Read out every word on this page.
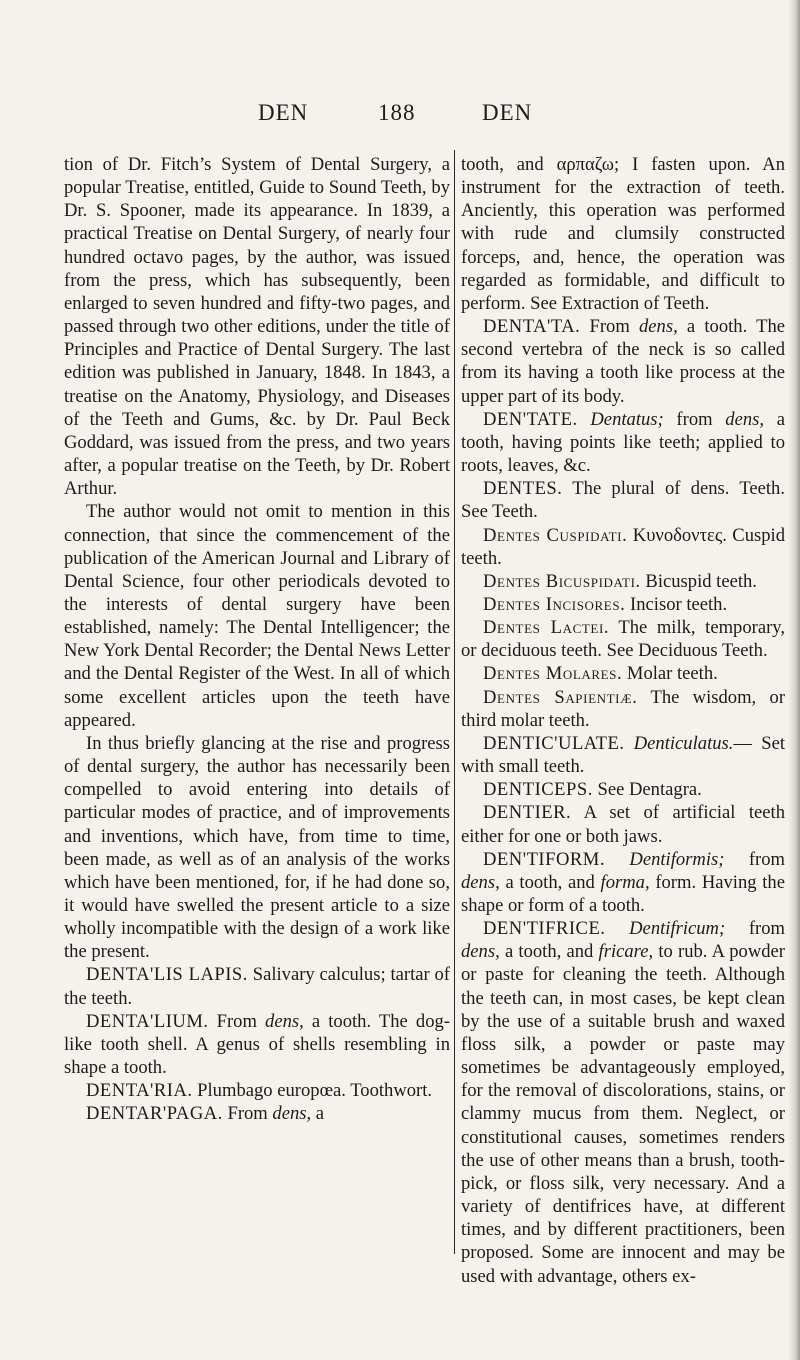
DEN	188	DEN

tion of Dr. Fitch’s System of Dental Surgery, a popular Treatise, entitled, Guide to Sound Teeth, by Dr. S. Spooner, made its appearance. In 1839, a practical Treatise on Dental Surgery, of nearly four hundred octavo pages, by the author, was issued from the press, which has subsequently, been enlarged to seven hundred and fifty-two pages, and passed through two other editions, under the title of Principles and Practice of Dental Surgery. The last edition was published in January, 1848. In 1843, a treatise on the Anatomy, Physiology, and Diseases of the Teeth and Gums, &c. by Dr. Paul Beck Goddard, was issued from the press, and two years after, a popular treatise on the Teeth, by Dr. Robert Arthur.

The author would not omit to mention in this connection, that since the commencement of the publication of the American Journal and Library of Dental Science, four other periodicals devoted to the interests of dental surgery have been established, namely: The Dental Intelligencer; the New York Dental Recorder; the Dental News Letter and the Dental Register of the West. In all of which some excellent articles upon the teeth have appeared.

In thus briefly glancing at the rise and progress of dental surgery, the author has necessarily been compelled to avoid entering into details of particular modes of practice, and of improvements and inventions, which have, from time to time, been made, as well as of an analysis of the works which have been mentioned, for, if he had done so, it would have swelled the present article to a size wholly incompatible with the design of a work like the present.

DENTA'LIS LAPIS. Salivary calculus; tartar of the teeth.

DENTA'LIUM. From dens, a tooth. The dog-like tooth shell. A genus of shells resembling in shape a tooth.

DENTA'RIA. Plumbago europœa. Toothwort.

DENTAR'PAGA. From dens, a

tooth, and αρπαζω; I fasten upon. An instrument for the extraction of teeth. Anciently, this operation was performed with rude and clumsily constructed forceps, and, hence, the operation was regarded as formidable, and difficult to perform. See Extraction of Teeth.

DENTA'TA. From dens, a tooth. The second vertebra of the neck is so called from its having a tooth like process at the upper part of its body.

DEN'TATE. Dentatus; from dens, a tooth, having points like teeth; applied to roots, leaves, &c.

DENTES. The plural of dens. Teeth. See Teeth.

Dentes Cuspidati. Κυνοδοντες. Cuspid teeth.

Dentes Bicuspidati. Bicuspid teeth.

Dentes Incisores. Incisor teeth.

Dentes Lactei. The milk, temporary, or deciduous teeth. See Deciduous Teeth.

Dentes Molares. Molar teeth.

Dentes Sapientiæ. The wisdom, or third molar teeth.

DENTIC'ULATE. Denticulatus.— Set with small teeth.

DENTICEPS. See Dentagra.

DENTIER. A set of artificial teeth either for one or both jaws.

DEN'TIFORM. Dentiformis; from dens, a tooth, and forma, form. Having the shape or form of a tooth.

DEN'TIFRICE. Dentifricum; from dens, a tooth, and fricare, to rub. A powder or paste for cleaning the teeth. Although the teeth can, in most cases, be kept clean by the use of a suitable brush and waxed floss silk, a powder or paste may sometimes be advantageously employed, for the removal of discolorations, stains, or clammy mucus from them. Neglect, or constitutional causes, sometimes renders the use of other means than a brush, tooth-pick, or floss silk, very necessary. And a variety of dentifrices have, at different times, and by different practitioners, been proposed. Some are innocent and may be used with advantage, others ex-
